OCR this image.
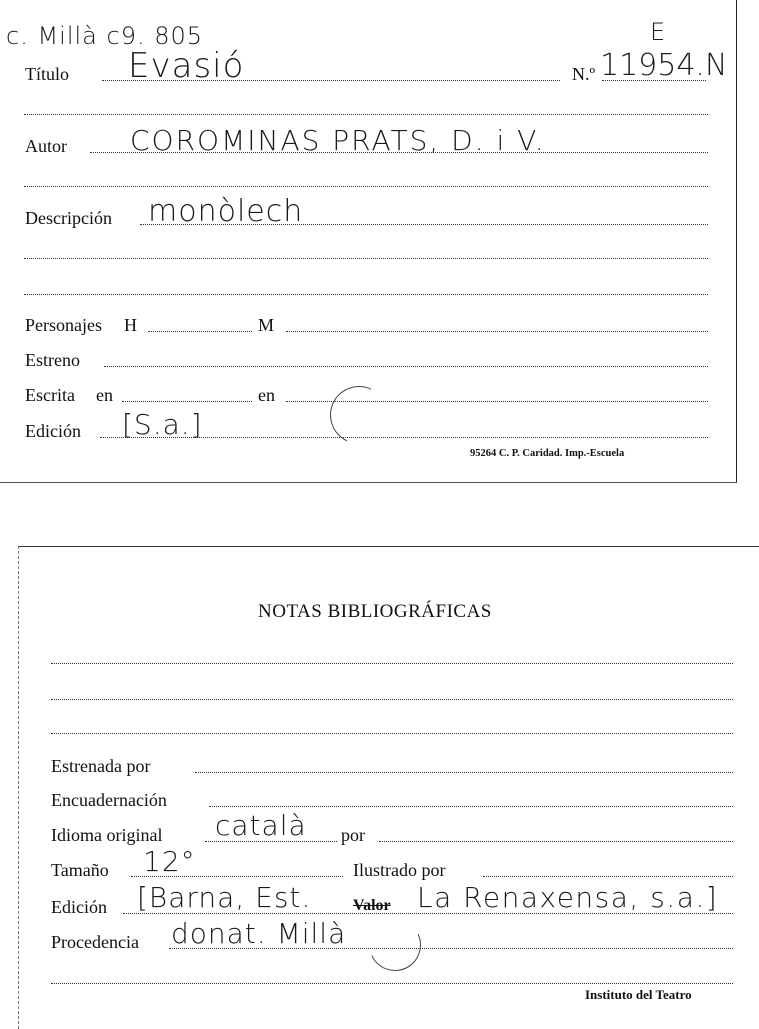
c. Millà c9. 805	E
Título Evasió	N.º 11954.N
Autor COROMINAS PRATS, D. i V.
Descripción monòlech
Personajes H	M
Estreno
Escrita en	en
Edición [S.a.]
95264 C. P. Caridad. Imp.-Escuela
NOTAS BIBLIOGRÁFICAS
Estrenada por
Encuadernación
Idioma original català por
Tamaño 12°	Ilustrado por
Edición [Barna, Est.	Valor La Renaxensa, s.a.]
Procedencia donat. Millà
Instituto del Teatro
